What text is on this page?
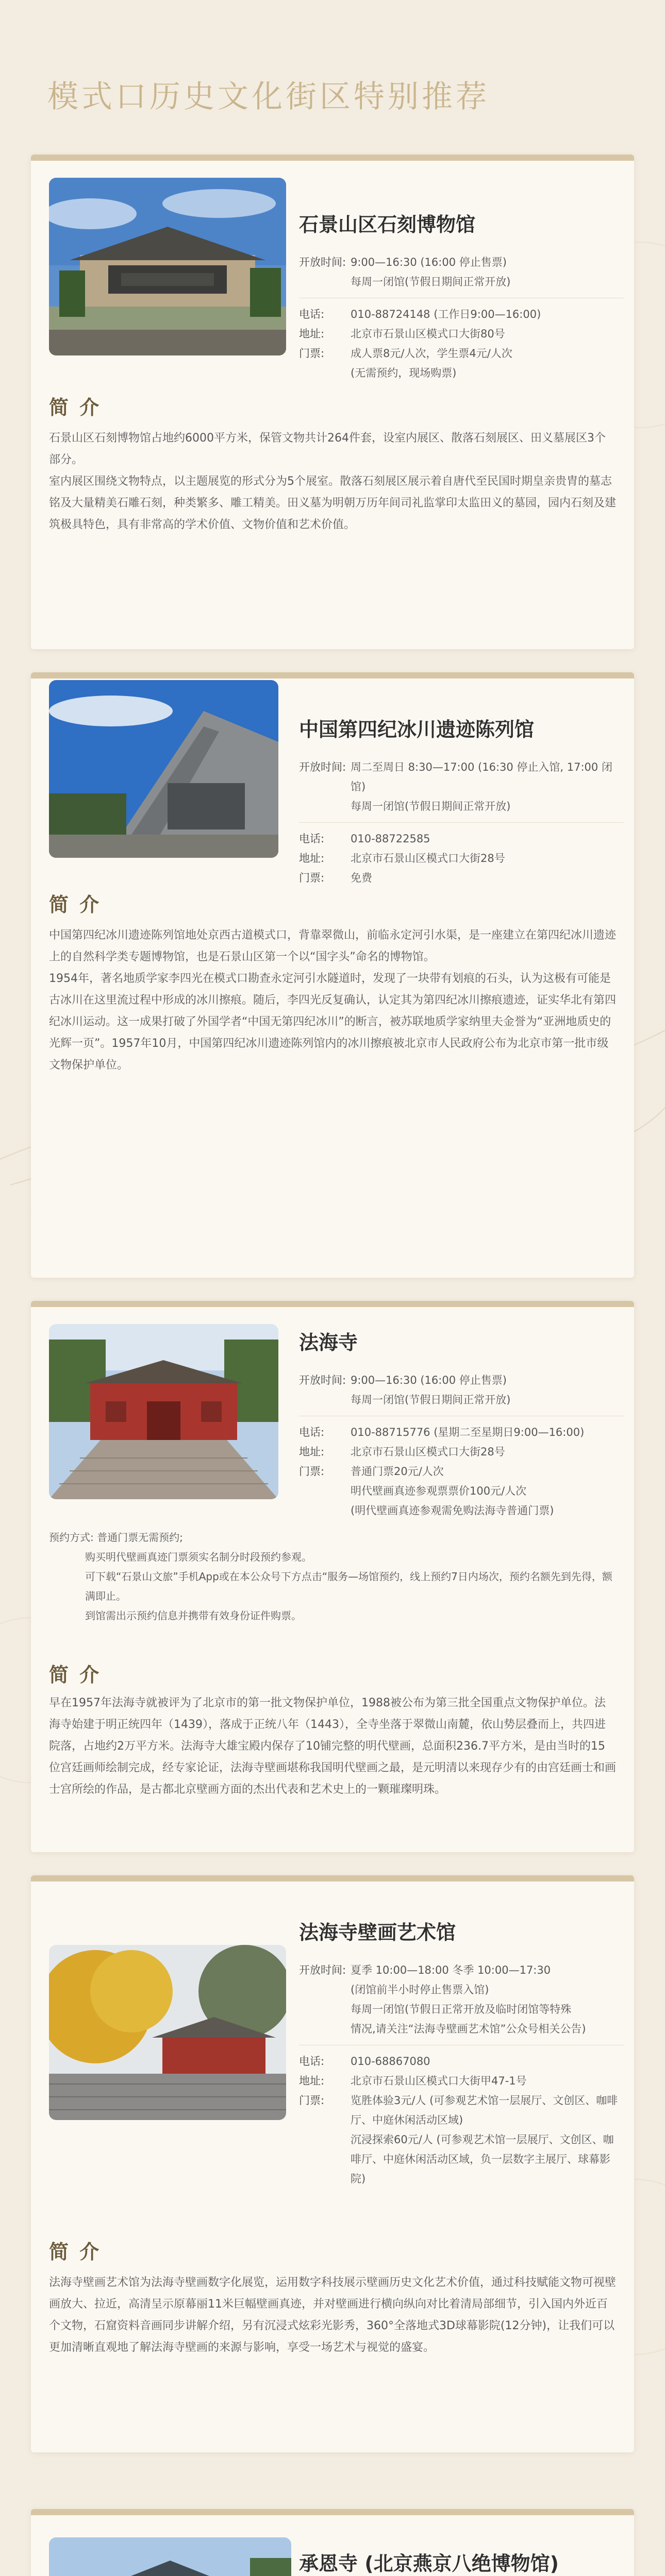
模式口历史文化街区特别推荐
石景山区石刻博物馆
开放时间: 9:00—16:30 (16:00 停止售票)
每周一闭馆(节假日期间正常开放)
电话:	010-88724148 (工作日9:00—16:00)
地址:	北京市石景山区模式口大街80号
门票:	成人票8元/人次，学生票4元/人次
(无需预约，现场购票)
简 介

石景山区石刻博物馆占地约6000平方米，保管文物共计264件套，设室内展区、散落石刻展区、田义墓展区3个部分。

室内展区围绕文物特点，以主题展览的形式分为5个展室。散落石刻展区展示着自唐代至民国时期皇亲贵胄的墓志铭及大量精美石雕石刻，种类繁多、雕工精美。田义墓为明朝万历年间司礼监掌印太监田义的墓园，园内石刻及建筑极具特色，具有非常高的学术价值、文物价值和艺术价值。

中国第四纪冰川遗迹陈列馆
开放时间: 周二至周日 8:30—17:00 (16:30 停止入馆, 17:00 闭馆)
每周一闭馆(节假日期间正常开放)
电话:	010-88722585
地址:	北京市石景山区模式口大街28号
门票:	免费
简 介

中国第四纪冰川遗迹陈列馆地处京西古道模式口，背靠翠微山，前临永定河引水渠，是一座建立在第四纪冰川遗迹上的自然科学类专题博物馆，也是石景山区第一个以“国字头”命名的博物馆。

1954年，著名地质学家李四光在模式口勘查永定河引水隧道时，发现了一块带有划痕的石头，认为这极有可能是古冰川在这里流过程中形成的冰川擦痕。随后，李四光反复确认，认定其为第四纪冰川擦痕遗迹，证实华北有第四纪冰川运动。这一成果打破了外国学者“中国无第四纪冰川”的断言，被苏联地质学家纳里夫金誉为“亚洲地质史的光辉一页”。1957年10月，中国第四纪冰川遗迹陈列馆内的冰川擦痕被北京市人民政府公布为北京市第一批市级文物保护单位。

法海寺
开放时间: 9:00—16:30 (16:00 停止售票)
每周一闭馆(节假日期间正常开放)
电话:	010-88715776 (星期二至星期日9:00—16:00)
地址:	北京市石景山区模式口大街28号
门票:	普通门票20元/人次
明代壁画真迹参观票票价100元/人次
(明代壁画真迹参观需免购法海寺普通门票)
预约方式: 普通门票无需预约;
购买明代壁画真迹门票须实名制分时段预约参观。
可下载“石景山文旅”手机App或在本公众号下方点击“服务—场馆预约，线上预约7日内场次，预约名额先到先得，额满即止。
到馆需出示预约信息并携带有效身份证件购票。
简 介

早在1957年法海寺就被评为了北京市的第一批文物保护单位，1988被公布为第三批全国重点文物保护单位。法海寺始建于明正统四年（1439），落成于正统八年（1443），全寺坐落于翠微山南麓，依山势层叠而上，共四进院落，占地约2万平方米。法海寺大雄宝殿内保存了10铺完整的明代壁画，总面积236.7平方米，是由当时的15位宫廷画师绘制完成，经专家论证，法海寺壁画堪称我国明代壁画之最，是元明清以来现存少有的由宫廷画士和画士宫所绘的作品，是古都北京壁画方面的杰出代表和艺术史上的一颗璀璨明珠。

法海寺壁画艺术馆
开放时间: 夏季 10:00—18:00 冬季 10:00—17:30
(闭馆前半小时停止售票入馆)
每周一闭馆(节假日正常开放及临时闭馆等特殊
情况,请关注“法海寺壁画艺术馆”公众号相关公告)
电话:	010-68867080
地址:	北京市石景山区模式口大街甲47-1号
门票:	览胜体验3元/人 (可参观艺术馆一层展厅、文创区、咖啡厅、中庭休闲活动区域)
沉浸探索60元/人 (可参观艺术馆一层展厅、文创区、咖啡厅、中庭休闲活动区域，负一层数字主展厅、球幕影院)
简 介

法海寺壁画艺术馆为法海寺壁画数字化展览，运用数字科技展示壁画历史文化艺术价值，通过科技赋能文物可视壁画放大、拉近，高清呈示原幕丽11米巨幅壁画真迹，并对壁画进行横向纵向对比着清局部细节，引入国内外近百个文物，石窟资料音画同步讲解介绍，另有沉浸式炫彩光影秀，360°全落地式3D球幕影院(12分钟)，让我们可以更加清晰直观地了解法海寺壁画的来源与影响，享受一场艺术与视觉的盛宴。

承恩寺 (北京燕京八绝博物馆)
